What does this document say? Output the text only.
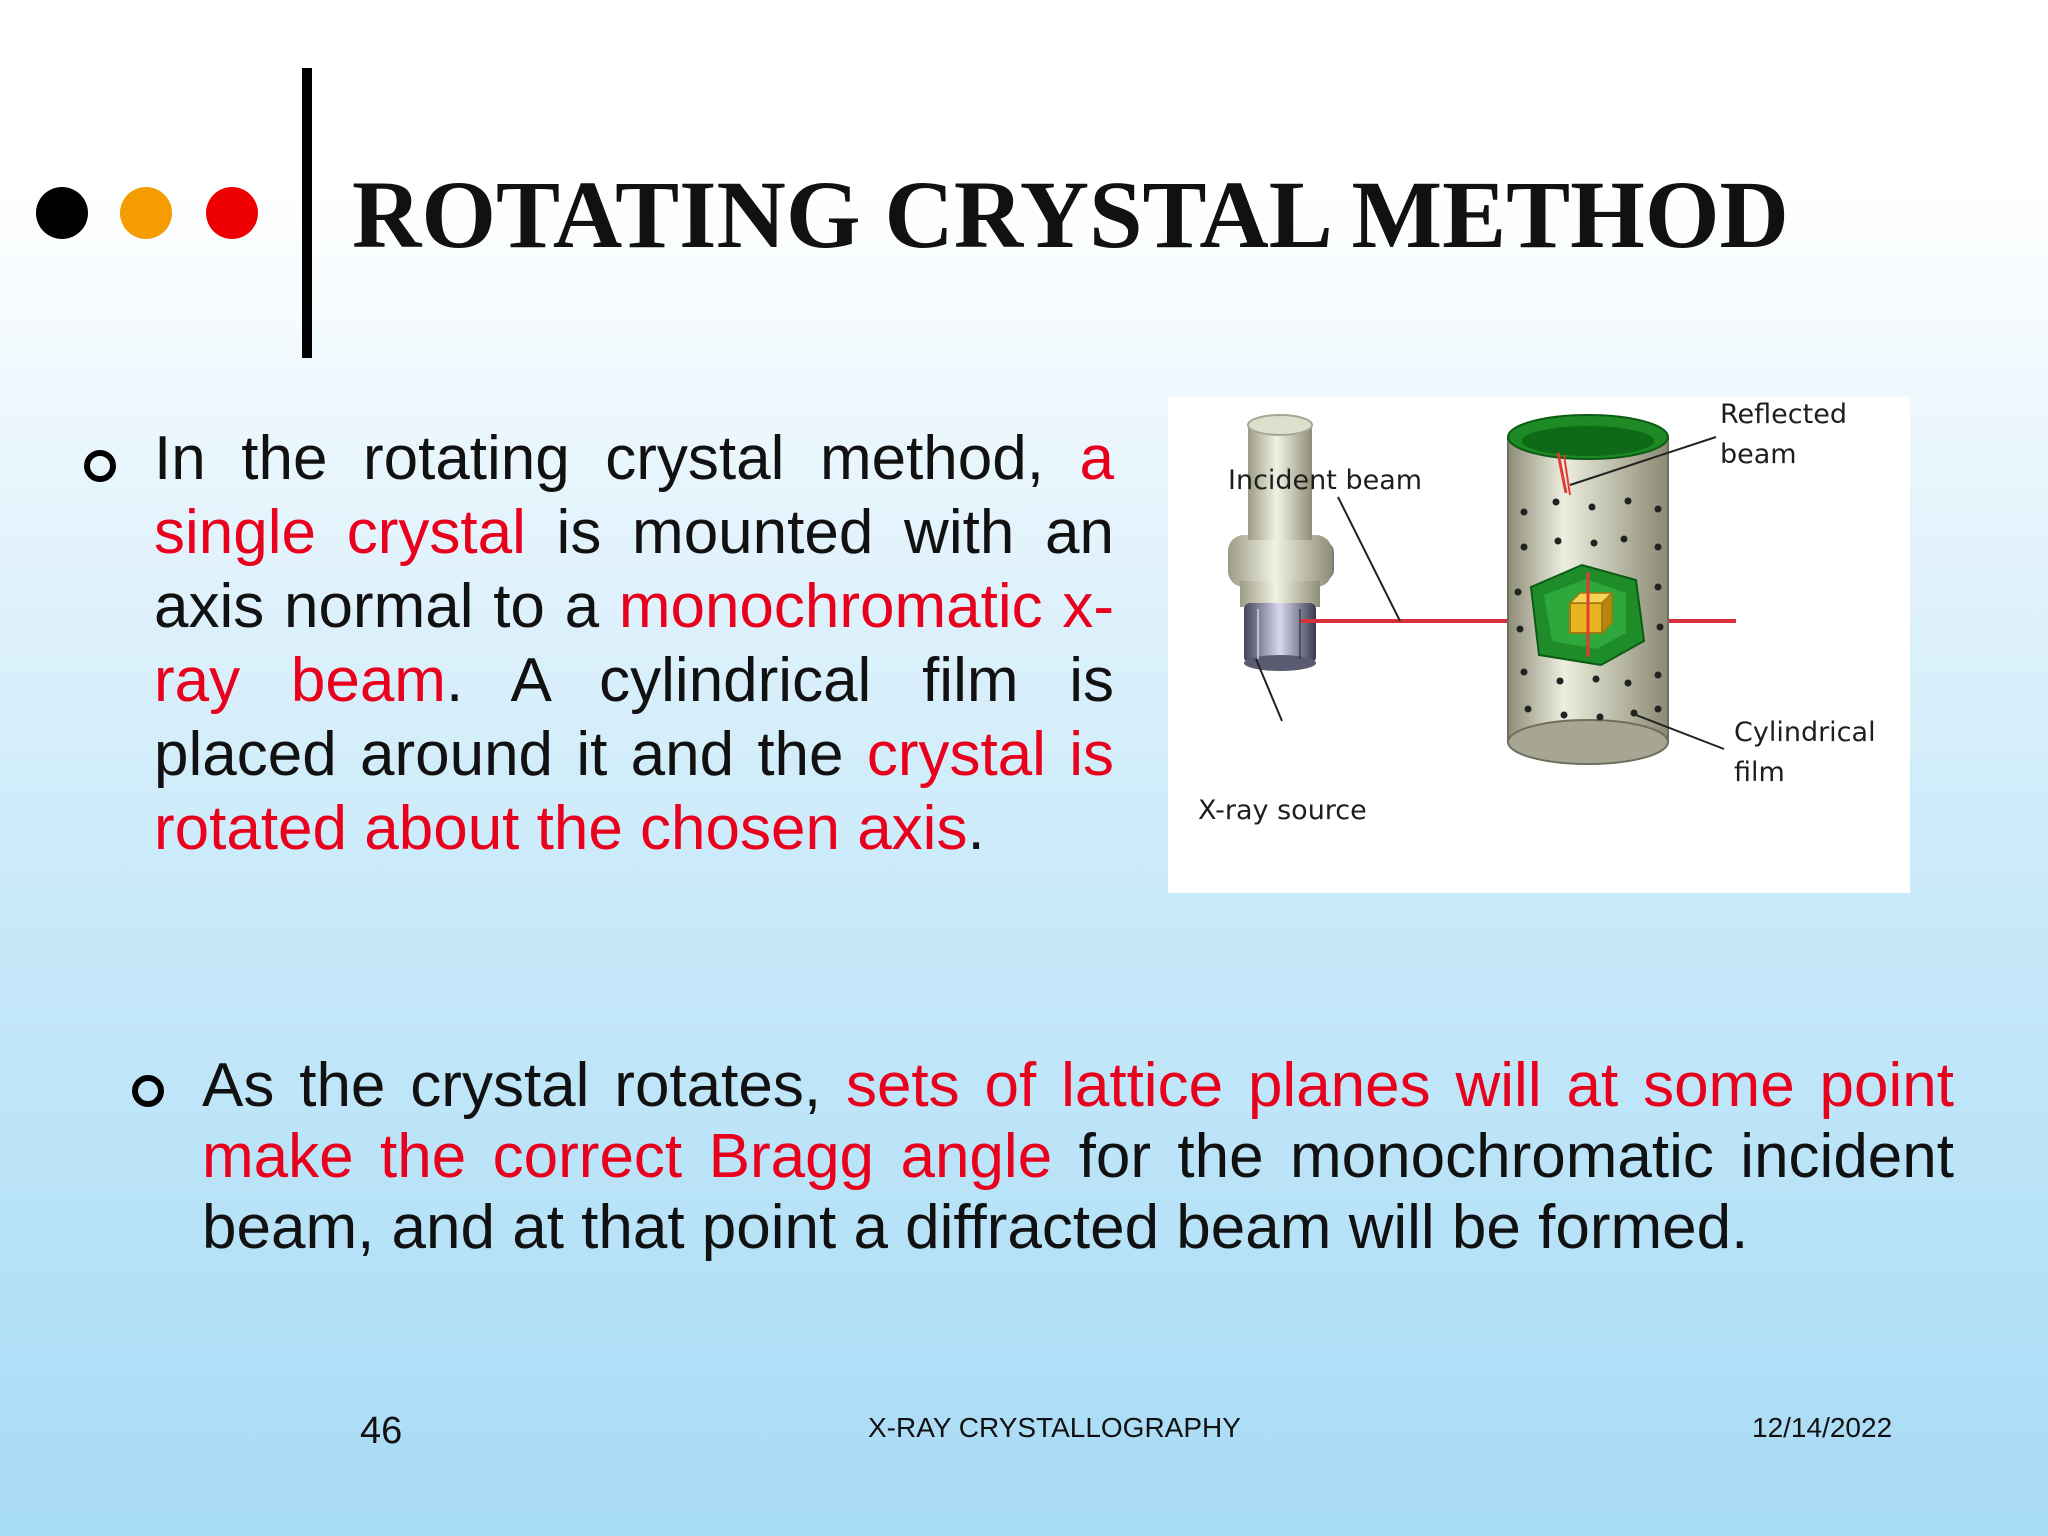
ROTATING CRYSTAL METHOD

In the rotating crystal method, a single crystal is mounted with an axis normal to a monochromatic x-ray beam. A cylindrical film is placed around it and the crystal is rotated about the chosen axis.

Incident beam
Reflected
beam
Cylindrical
film
X-ray source

As the crystal rotates, sets of lattice planes will at some point make the correct Bragg angle for the monochromatic incident beam, and at that point a diffracted beam will be formed.

46	X-RAY CRYSTALLOGRAPHY	12/14/2022
